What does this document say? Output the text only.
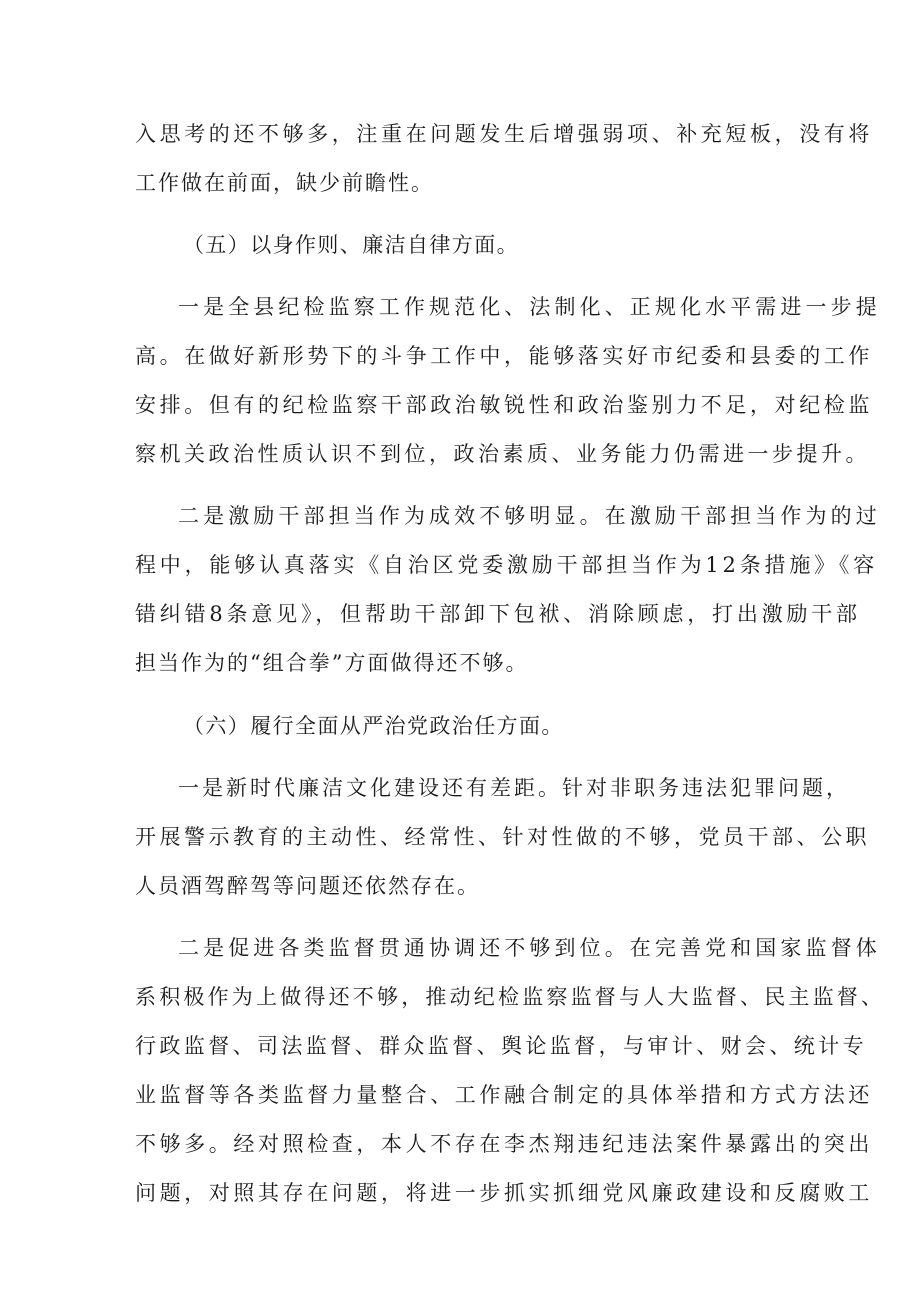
入思考的还不够多，注重在问题发生后增强弱项、补充短板，没有将
工作做在前面，缺少前瞻性。
（五）以身作则、廉洁自律方面。
一是全县纪检监察工作规范化、法制化、正规化水平需进一步提
高。在做好新形势下的斗争工作中，能够落实好市纪委和县委的工作
安排。但有的纪检监察干部政治敏锐性和政治鉴别力不足，对纪检监
察机关政治性质认识不到位，政治素质、业务能力仍需进一步提升。
二是激励干部担当作为成效不够明显。在激励干部担当作为的过
程中，能够认真落实《自治区党委激励干部担当作为12条措施》《容
错纠错8条意见》，但帮助干部卸下包袱、消除顾虑，打出激励干部
担当作为的“组合拳”方面做得还不够。
（六）履行全面从严治党政治任方面。
一是新时代廉洁文化建设还有差距。针对非职务违法犯罪问题，
开展警示教育的主动性、经常性、针对性做的不够，党员干部、公职
人员酒驾醉驾等问题还依然存在。
二是促进各类监督贯通协调还不够到位。在完善党和国家监督体
系积极作为上做得还不够，推动纪检监察监督与人大监督、民主监督、
行政监督、司法监督、群众监督、舆论监督，与审计、财会、统计专
业监督等各类监督力量整合、工作融合制定的具体举措和方式方法还
不够多。经对照检查，本人不存在李杰翔违纪违法案件暴露出的突出
问题，对照其存在问题，将进一步抓实抓细党风廉政建设和反腐败工
